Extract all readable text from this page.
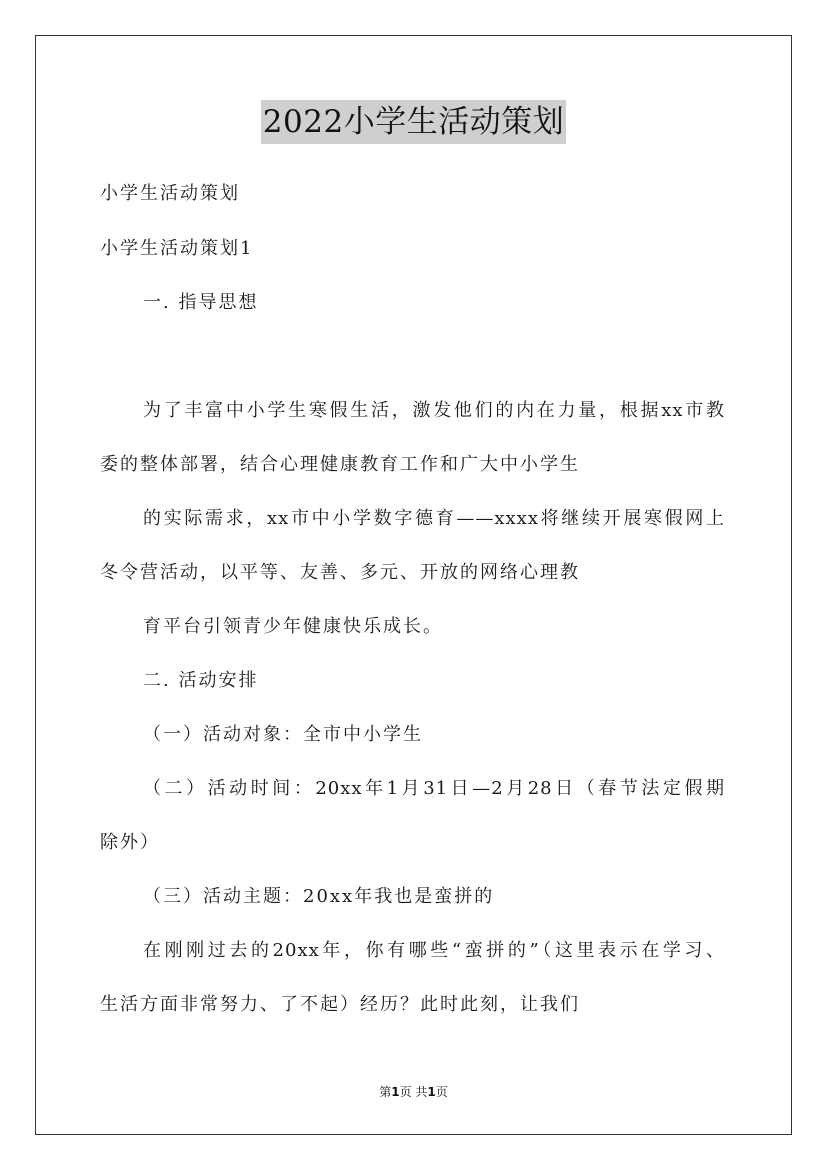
2022小学生活动策划
小学生活动策划
小学生活动策划1
一. 指导思想
为了丰富中小学生寒假生活，激发他们的内在力量，根据xx市教
委的整体部署，结合心理健康教育工作和广大中小学生
的实际需求，xx市中小学数字德育——xxxx将继续开展寒假网上
冬令营活动，以平等、友善、多元、开放的网络心理教
育平台引领青少年健康快乐成长。
二. 活动安排
（一）活动对象：全市中小学生
（二）活动时间：20xx年1月31日—2月28日（春节法定假期
除外）
（三）活动主题：20xx年我也是蛮拼的
在刚刚过去的20xx年，你有哪些“蛮拼的”（这里表示在学习、
生活方面非常努力、了不起）经历？此时此刻，让我们
第1页 共1页
